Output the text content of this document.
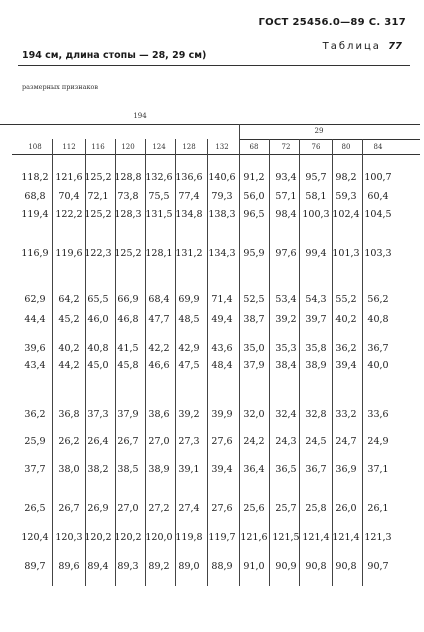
ГОСТ 25456.0—89 С. 317
Таблица 77
194 см, длина стопы — 28, 29 см)
размерных признаков
194
29
108	112	116	120	124	128	132	68	72	76	80	84
118,2 121,6 125,2 128,8 132,6 136,6 140,6 91,2	93,4 95,7 98,2 100,7
68,8	70,4 72,1 73,8	75,5 77,4	79,3	56,0	57,1 58,1 59,3	60,4
119,4 122,2 125,2 128,3 131,5 134,8 138,3 96,5	98,4 100,3 102,4 104,5
116,9 119,6 122,3 125,2 128,1 131,2 134,3 95,9	97,6 99,4 101,3 103,3
62,9	64,2 65,5 66,9	68,4 69,9	71,4	52,5	53,4 54,3 55,2	56,2
44,4	45,2 46,0 46,8	47,7 48,5	49,4	38,7	39,2 39,7 40,2	40,8
39,6	40,2 40,8 41,5	42,2 42,9	43,6	35,0	35,3 35,8 36,2	36,7
43,4	44,2 45,0 45,8	46,6 47,5	48,4	37,9	38,4 38,9 39,4	40,0
36,2	36,8 37,3 37,9	38,6 39,2	39,9	32,0	32,4 32,8 33,2	33,6
25,9	26,2 26,4 26,7	27,0 27,3	27,6	24,2	24,3 24,5 24,7	24,9
37,7	38,0 38,2 38,5	38,9 39,1	39,4	36,4	36,5 36,7 36,9	37,1
26,5	26,7 26,9 27,0	27,2 27,4	27,6	25,6	25,7 25,8 26,0	26,1
120,4 120,3 120,2 120,2 120,0 119,8 119,7 121,6 121,5 121,4 121,4 121,3
89,7	89,6 89,4 89,3	89,2 89,0	88,9	91,0	90,9 90,8 90,8	90,7
